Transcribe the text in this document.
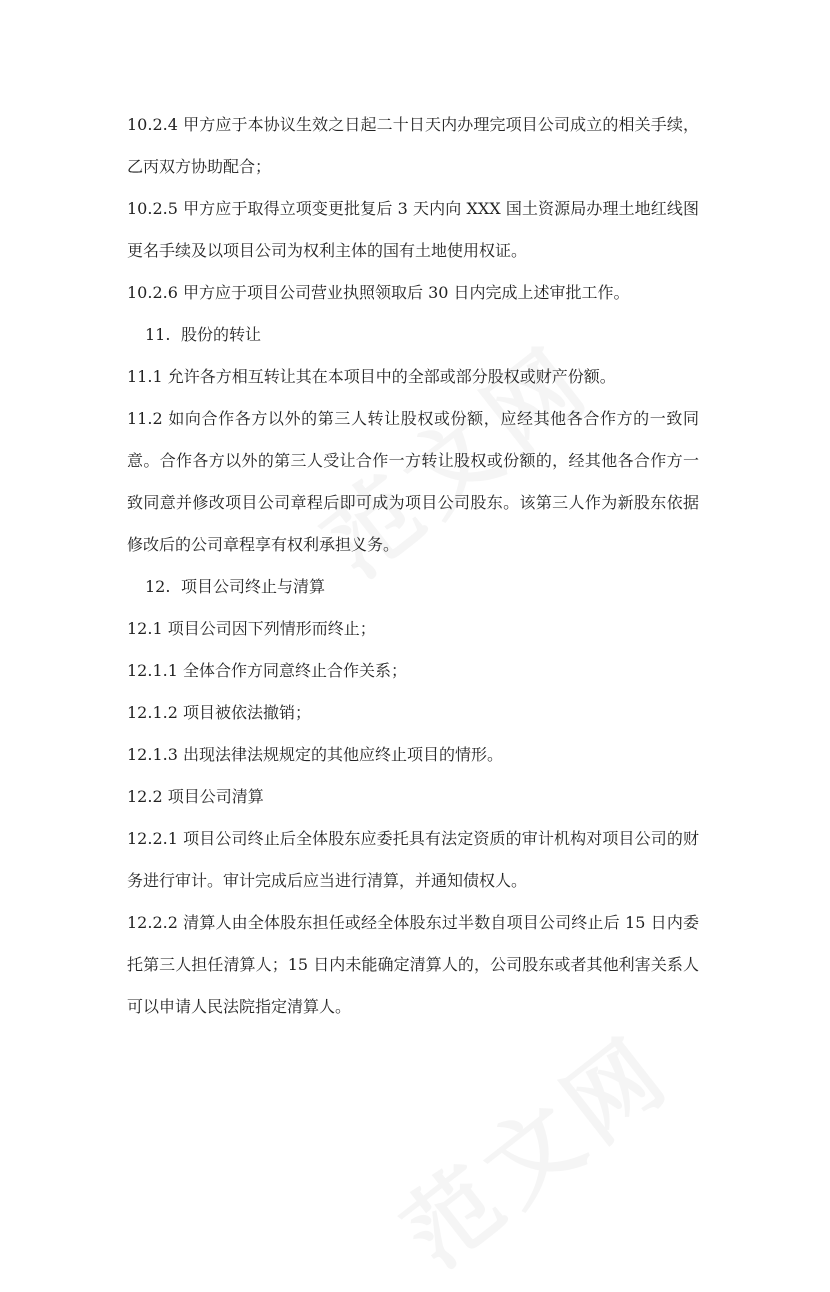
10.2.4 甲方应于本协议生效之日起二十日天内办理完项目公司成立的相关手续，乙丙双方协助配合；

10.2.5 甲方应于取得立项变更批复后 3 天内向 XXX 国土资源局办理土地红线图更名手续及以项目公司为权利主体的国有土地使用权证。

10.2.6 甲方应于项目公司营业执照领取后 30 日内完成上述审批工作。

11. 股份的转让

11.1 允许各方相互转让其在本项目中的全部或部分股权或财产份额。

11.2 如向合作各方以外的第三人转让股权或份额，应经其他各合作方的一致同意。合作各方以外的第三人受让合作一方转让股权或份额的，经其他各合作方一致同意并修改项目公司章程后即可成为项目公司股东。该第三人作为新股东依据修改后的公司章程享有权利承担义务。

12. 项目公司终止与清算

12.1 项目公司因下列情形而终止；

12.1.1 全体合作方同意终止合作关系；

12.1.2 项目被依法撤销；

12.1.3 出现法律法规规定的其他应终止项目的情形。

12.2 项目公司清算

12.2.1 项目公司终止后全体股东应委托具有法定资质的审计机构对项目公司的财务进行审计。审计完成后应当进行清算，并通知债权人。

12.2.2 清算人由全体股东担任或经全体股东过半数自项目公司终止后 15 日内委托第三人担任清算人；15 日内未能确定清算人的，公司股东或者其他利害关系人可以申请人民法院指定清算人。
